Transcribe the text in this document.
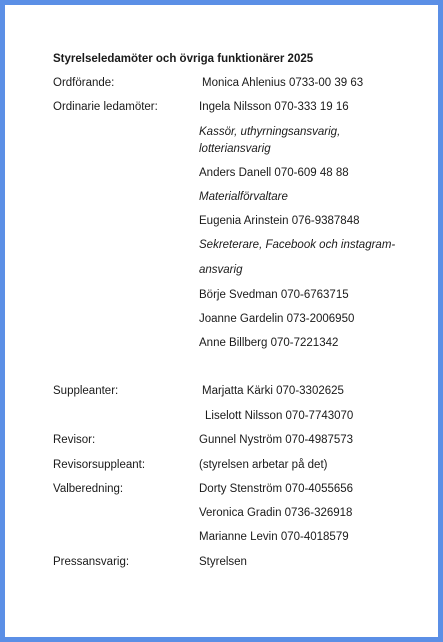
Styrelseledamöter och övriga funktionärer 2025
Ordförande:	Monica Ahlenius 0733-00 39 63
Ordinarie ledamöter:	Ingela Nilsson 070-333 19 16
Kassör, uthyrningsansvarig,
lotteriansvarig
Anders Danell 070-609 48 88
Materialförvaltare
Eugenia Arinstein 076-9387848
Sekreterare, Facebook och instagram-
ansvarig
Börje Svedman 070-6763715
Joanne Gardelin 073-2006950
Anne Billberg 070-7221342
Suppleanter:	Marjatta Kärki 070-3302625
Liselott Nilsson 070-7743070
Revisor:	Gunnel Nyström 070-4987573
Revisorsuppleant:	(styrelsen arbetar på det)
Valberedning:	Dorty Stenström 070-4055656
Veronica Gradin 0736-326918
Marianne Levin 070-4018579
Pressansvarig:	Styrelsen
